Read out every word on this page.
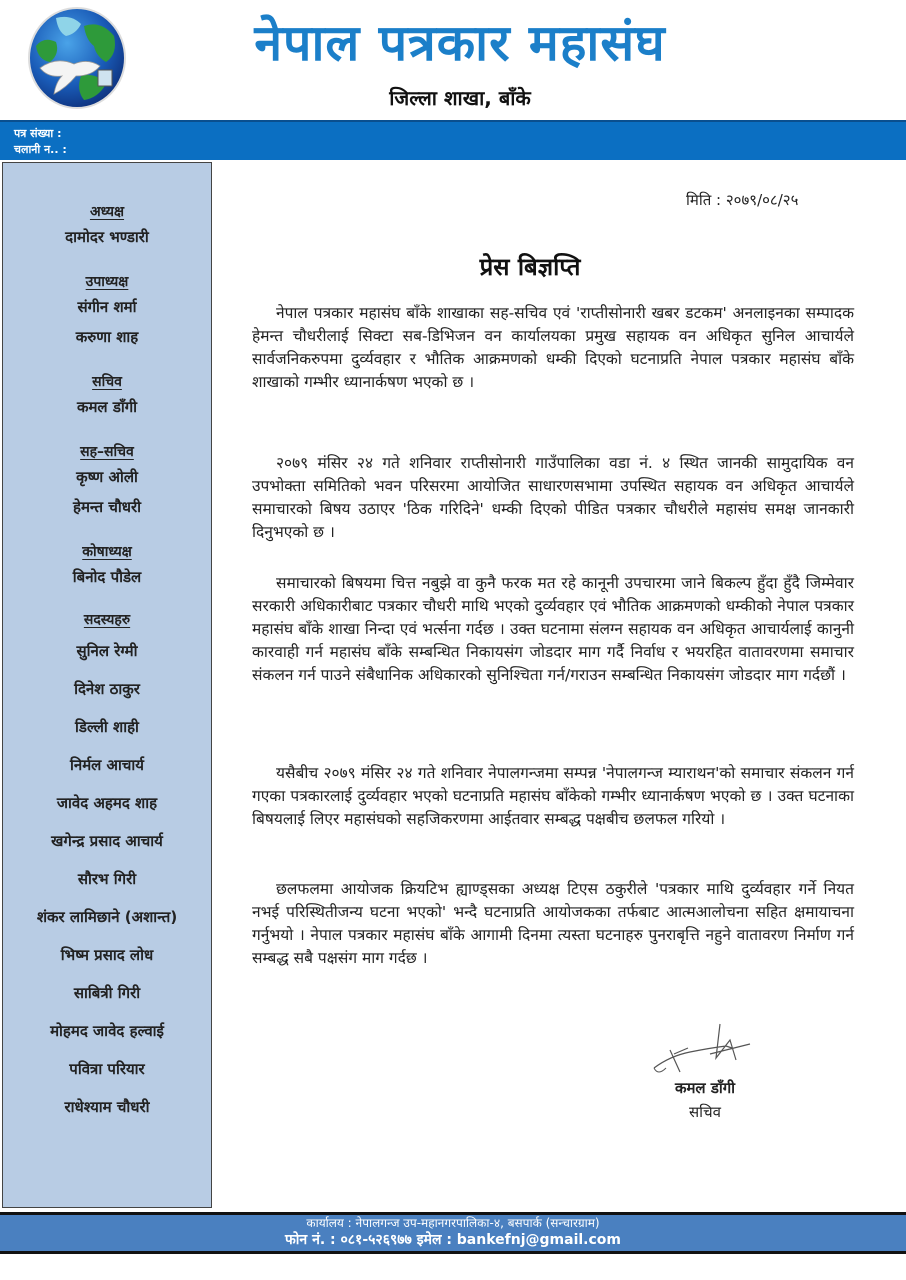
नेपाल पत्रकार महासंघ
जिल्ला शाखा, बाँके
पत्र संख्या :
चलानी न.. :
अध्यक्ष
दामोदर भण्डारी
उपाध्यक्ष
संगीन शर्मा
करुणा शाह
सचिव
कमल डाँगी
सह–सचिव
कृष्ण ओली
हेमन्त चौधरी
कोषाध्यक्ष
बिनोद पौडेल
सदस्यहरु
सुनिल रेग्मी
दिनेश ठाकुर
डिल्ली शाही
निर्मल आचार्य
जावेद अहमद शाह
खगेन्द्र प्रसाद आचार्य
सौरभ गिरी
शंकर लामिछाने (अशान्त)
भिष्म प्रसाद लोध
साबित्री गिरी
मोहमद जावेद हल्वाई
पवित्रा परियार
राधेश्याम चौधरी
मिति : २०७९/०८/२५
प्रेस बिज्ञप्ति

नेपाल पत्रकार महासंघ बाँके शाखाका सह-सचिव एवं 'राप्तीसोनारी खबर डटकम' अनलाइनका सम्पादक हेमन्त चौधरीलाई सिक्टा सब-डिभिजन वन कार्यालयका प्रमुख सहायक वन अधिकृत सुनिल आचार्यले सार्वजनिकरुपमा दुर्व्यवहार र भौतिक आक्रमणको धम्की दिएको घटनाप्रति नेपाल पत्रकार महासंघ बाँके शाखाको गम्भीर ध्यानार्कषण भएको छ ।

२०७९ मंसिर २४ गते शनिवार राप्तीसोनारी गाउँपालिका वडा नं. ४ स्थित जानकी सामुदायिक वन उपभोक्ता समितिको भवन परिसरमा आयोजित साधारणसभामा उपस्थित सहायक वन अधिकृत आचार्यले समाचारको बिषय उठाएर 'ठिक गरिदिने' धम्की दिएको पीडित पत्रकार चौधरीले महासंघ समक्ष जानकारी दिनुभएको छ ।

समाचारको बिषयमा चित्त नबुझे वा कुनै फरक मत रहे कानूनी उपचारमा जाने बिकल्प हुँदा हुँदै जिम्मेवार सरकारी अधिकारीबाट पत्रकार चौधरी माथि भएको दुर्व्यवहार एवं भौतिक आक्रमणको धम्कीको नेपाल पत्रकार महासंघ बाँके शाखा निन्दा एवं भर्त्सना गर्दछ । उक्त घटनामा संलग्न सहायक वन अधिकृत आचार्यलाई कानुनी कारवाही गर्न महासंघ बाँके सम्बन्धित निकायसंग जोडदार माग गर्दै निर्वाध र भयरहित वातावरणमा समाचार संकलन गर्न पाउने संबैधानिक अधिकारको सुनिश्चिता गर्न/गराउन सम्बन्धित निकायसंग जोडदार माग गर्दछौं ।

यसैबीच २०७९ मंसिर २४ गते शनिवार नेपालगन्जमा सम्पन्न 'नेपालगन्ज म्याराथन'को समाचार संकलन गर्न गएका पत्रकारलाई दुर्व्यवहार भएको घटनाप्रति महासंघ बाँकेको गम्भीर ध्यानार्कषण भएको छ । उक्त घटनाका बिषयलाई लिएर महासंघको सहजिकरणमा आईतवार सम्बद्ध पक्षबीच छलफल गरियो ।

छलफलमा आयोजक क्रियटिभ ह्याण्ड्सका अध्यक्ष टिएस ठकुरीले 'पत्रकार माथि दुर्व्यवहार गर्ने नियत नभई परिस्थितीजन्य घटना भएको' भन्दै घटनाप्रति आयोजकका तर्फबाट आत्मआलोचना सहित क्षमायाचना गर्नुभयो । नेपाल पत्रकार महासंघ बाँके आगामी दिनमा त्यस्ता घटनाहरु पुनराबृत्ति नहुने वातावरण निर्माण गर्न सम्बद्ध सबै पक्षसंग माग गर्दछ ।

कमल डाँगी
सचिव
कार्यालय : नेपालगन्ज उप-महानगरपालिका-४, बसपार्क (सन्चारग्राम)
फोन नं. : ०८१-५२६९७७ इमेल : bankefnj@gmail.com
